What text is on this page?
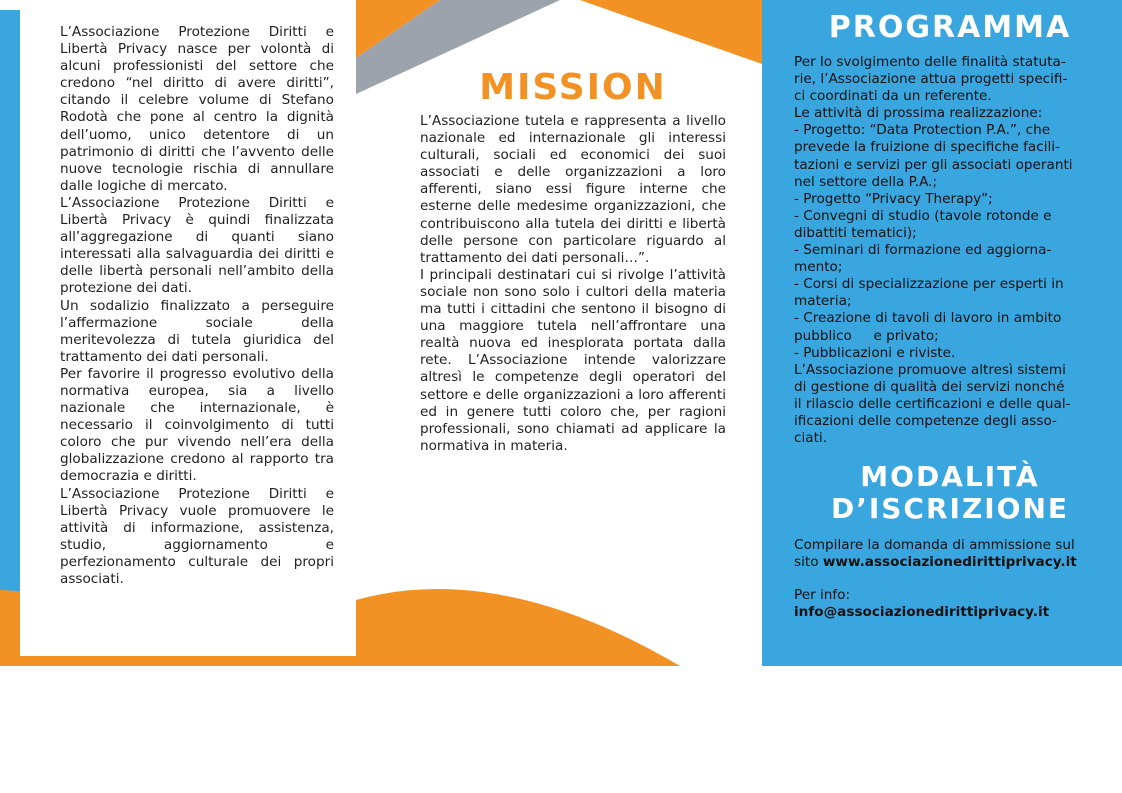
L’Associazione Protezione Diritti e Libertà Privacy nasce per volontà di alcuni professionisti del settore che credono “nel diritto di avere diritti”, citando il celebre volume di Stefano Rodotà che pone al centro la dignità dell’uomo, unico detentore di un patrimonio di diritti che l’avvento delle nuove tecnologie rischia di annullare dalle logiche di mercato.

L’Associazione Protezione Diritti e Libertà Privacy è quindi finalizzata all’aggregazione di quanti siano interessati alla salvaguardia dei diritti e delle libertà personali nell’ambito della protezione dei dati.

Un sodalizio finalizzato a perseguire l’affermazione sociale della meritevolezza di tutela giuridica del trattamento dei dati personali.

Per favorire il progresso evolutivo della normativa europea, sia a livello nazionale che internazionale, è necessario il coinvolgimento di tutti coloro che pur vivendo nell’era della globalizzazione credono al rapporto tra democrazia e diritti.

L’Associazione Protezione Diritti e Libertà Privacy vuole promuovere le attività di informazione, assistenza, studio, aggiornamento e perfezionamento culturale dei propri associati.

MISSION

L’Associazione tutela e rappresenta a livello nazionale ed internazionale gli interessi culturali, sociali ed economici dei suoi associati e delle organizzazioni a loro afferenti, siano essi figure interne che esterne delle medesime organizzazioni, che contribuiscono alla tutela dei diritti e libertà delle persone con particolare riguardo al trattamento dei dati personali…”.

I principali destinatari cui si rivolge l’attività sociale non sono solo i cultori della materia ma tutti i cittadini che sentono il bisogno di una maggiore tutela nell’affrontare una realtà nuova ed inesplorata portata dalla rete. L’Associazione intende valorizzare altresì le competenze degli operatori del settore e delle organizzazioni a loro afferenti ed in genere tutti coloro che, per ragioni professionali, sono chiamati ad applicare la normativa in materia.

PROGRAMMA
Per lo svolgimento delle finalità statuta-
rie, l’Associazione attua progetti specifi-
ci coordinati da un referente.
Le attività di prossima realizzazione:
- Progetto: “Data Protection P.A.”, che
prevede la fruizione di specifiche facili-
tazioni e servizi per gli associati operanti
nel settore della P.A.;
- Progetto “Privacy Therapy”;
- Convegni di studio (tavole rotonde e
dibattiti tematici);
- Seminari di formazione ed aggiorna-
mento;
- Corsi di specializzazione per esperti in
materia;
- Creazione di tavoli di lavoro in ambito
pubblico     e privato;
- Pubblicazioni e riviste.
L’Associazione promuove altresì sistemi
di gestione di qualità dei servizi nonché
il rilascio delle certificazioni e delle qual-
ificazioni delle competenze degli asso-
ciati.
MODALITÀ
D’ISCRIZIONE
Compilare la domanda di ammissione sul
sito www.associazionedirittiprivacy.it
Per info:
info@associazionedirittiprivacy.it
